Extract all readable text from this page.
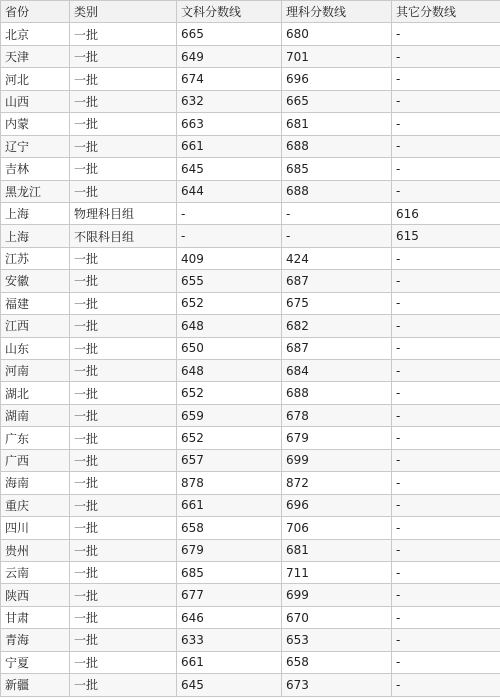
省份	类别	文科分数线	理科分数线	其它分数线
北京	一批	665	680	-
天津	一批	649	701	-
河北	一批	674	696	-
山西	一批	632	665	-
内蒙	一批	663	681	-
辽宁	一批	661	688	-
吉林	一批	645	685	-
黑龙江	一批	644	688	-
上海	物理科目组	-	-	616
上海	不限科目组	-	-	615
江苏	一批	409	424	-
安徽	一批	655	687	-
福建	一批	652	675	-
江西	一批	648	682	-
山东	一批	650	687	-
河南	一批	648	684	-
湖北	一批	652	688	-
湖南	一批	659	678	-
广东	一批	652	679	-
广西	一批	657	699	-
海南	一批	878	872	-
重庆	一批	661	696	-
四川	一批	658	706	-
贵州	一批	679	681	-
云南	一批	685	711	-
陕西	一批	677	699	-
甘肃	一批	646	670	-
青海	一批	633	653	-
宁夏	一批	661	658	-
新疆	一批	645	673	-
